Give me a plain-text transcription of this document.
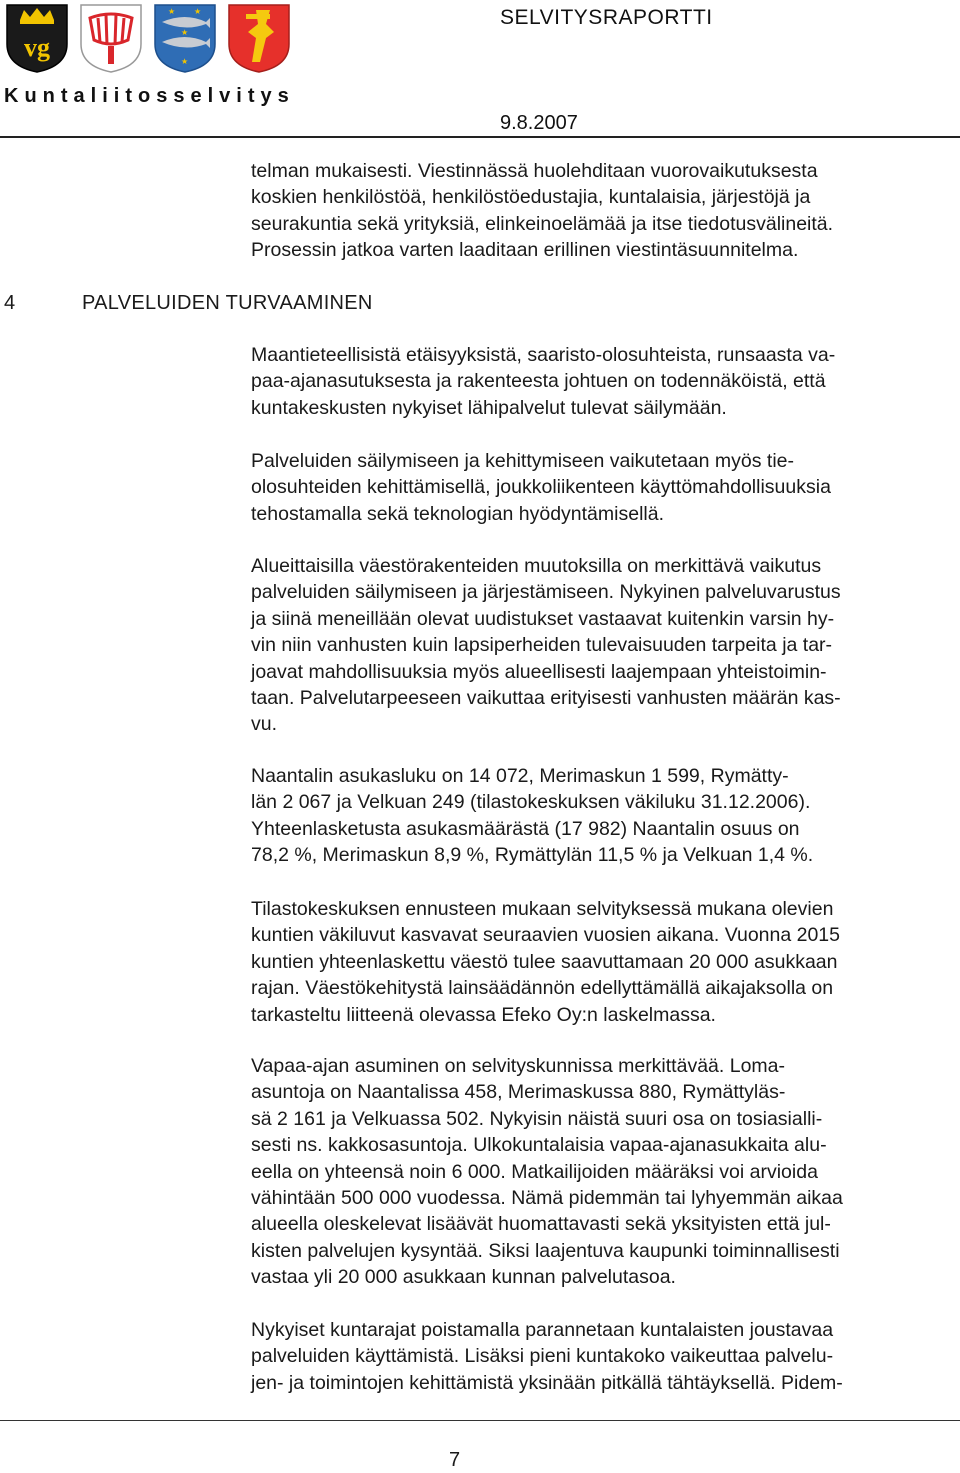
vg
★ ★
★
★
SELVITYSRAPORTTI
Kuntaliitosselvitys
9.8.2007
4	PALVELUIDEN TURVAAMINEN

telman mukaisesti. Viestinnässä huolehditaan vuorovaikutuksesta
koskien henkilöstöä, henkilöstöedustajia, kuntalaisia, järjestöjä ja
seurakuntia sekä yrityksiä, elinkeinoelämää ja itse tiedotusvälineitä.
Prosessin jatkoa varten laaditaan erillinen viestintäsuunnitelma.

Maantieteellisistä etäisyyksistä, saaristo-olosuhteista, runsaasta va-
paa-ajanasutuksesta ja rakenteesta johtuen on todennäköistä, että
kuntakeskusten nykyiset lähipalvelut tulevat säilymään.

Palveluiden säilymiseen ja kehittymiseen vaikutetaan myös tie-
olosuhteiden kehittämisellä, joukkoliikenteen käyttömahdollisuuksia
tehostamalla sekä teknologian hyödyntämisellä.

Alueittaisilla väestörakenteiden muutoksilla on merkittävä vaikutus
palveluiden säilymiseen ja järjestämiseen. Nykyinen palveluvarustus
ja siinä meneillään olevat uudistukset vastaavat kuitenkin varsin hy-
vin niin vanhusten kuin lapsiperheiden tulevaisuuden tarpeita ja tar-
joavat mahdollisuuksia myös alueellisesti laajempaan yhteistoimin-
taan. Palvelutarpeeseen vaikuttaa erityisesti vanhusten määrän kas-
vu.

Naantalin asukasluku on 14 072, Merimaskun 1 599, Rymätty-
län 2 067 ja Velkuan 249 (tilastokeskuksen väkiluku 31.12.2006).
Yhteenlasketusta asukasmäärästä (17 982) Naantalin osuus on
78,2 %, Merimaskun 8,9 %, Rymättylän 11,5 % ja Velkuan 1,4 %.

Tilastokeskuksen ennusteen mukaan selvityksessä mukana olevien
kuntien väkiluvut kasvavat seuraavien vuosien aikana. Vuonna 2015
kuntien yhteenlaskettu väestö tulee saavuttamaan 20 000 asukkaan
rajan. Väestökehitystä lainsäädännön edellyttämällä aikajaksolla on
tarkasteltu liitteenä olevassa Efeko Oy:n laskelmassa.

Vapaa-ajan asuminen on selvityskunnissa merkittävää. Loma-
asuntoja on Naantalissa 458, Merimaskussa 880, Rymättyläs-
sä 2 161 ja Velkuassa 502. Nykyisin näistä suuri osa on tosiasialli-
sesti ns. kakkosasuntoja. Ulkokuntalaisia vapaa-ajanasukkaita alu-
eella on yhteensä noin 6 000. Matkailijoiden määräksi voi arvioida
vähintään 500 000 vuodessa. Nämä pidemmän tai lyhyemmän aikaa
alueella oleskelevat lisäävät huomattavasti sekä yksityisten että jul-
kisten palvelujen kysyntää. Siksi laajentuva kaupunki toiminnallisesti
vastaa yli 20 000 asukkaan kunnan palvelutasoa.

Nykyiset kuntarajat poistamalla parannetaan kuntalaisten joustavaa
palveluiden käyttämistä. Lisäksi pieni kuntakoko vaikeuttaa palvelu-
jen- ja toimintojen kehittämistä yksinään pitkällä tähtäyksellä. Pidem-

7
